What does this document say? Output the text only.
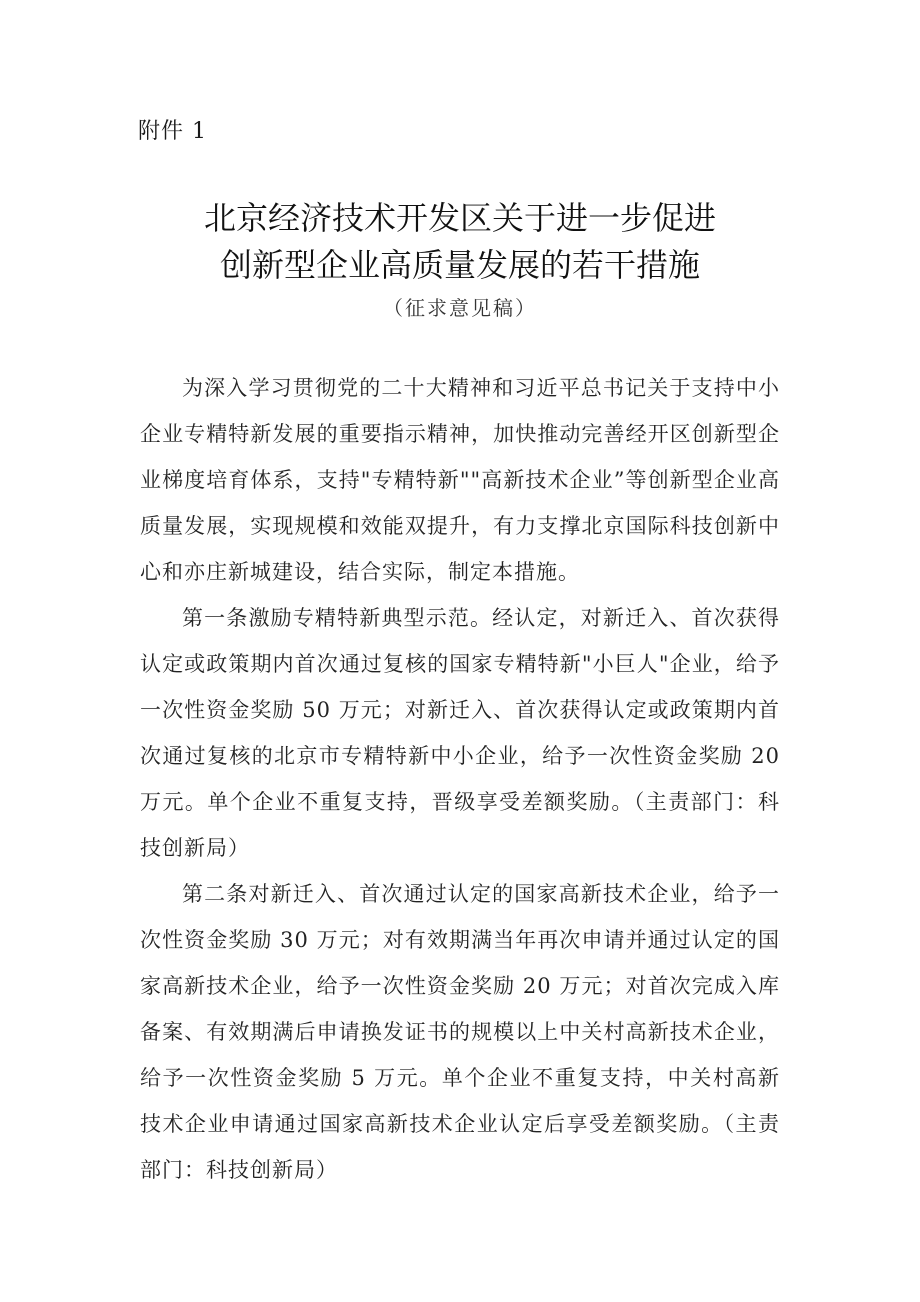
附件 1
北京经济技术开发区关于进一步促进
创新型企业高质量发展的若干措施
（征求意见稿）

为深入学习贯彻党的二十大精神和习近平总书记关于支持中小企业专精特新发展的重要指示精神，加快推动完善经开区创新型企业梯度培育体系，支持"专精特新""高新技术企业”等创新型企业高质量发展，实现规模和效能双提升，有力支撑北京国际科技创新中心和亦庄新城建设，结合实际，制定本措施。

第一条激励专精特新典型示范。经认定，对新迁入、首次获得认定或政策期内首次通过复核的国家专精特新"小巨人"企业，给予一次性资金奖励 50 万元；对新迁入、首次获得认定或政策期内首次通过复核的北京市专精特新中小企业，给予一次性资金奖励 20 万元。单个企业不重复支持，晋级享受差额奖励。（主责部门：科技创新局）

第二条对新迁入、首次通过认定的国家高新技术企业，给予一次性资金奖励 30 万元；对有效期满当年再次申请并通过认定的国家高新技术企业，给予一次性资金奖励 20 万元；对首次完成入库备案、有效期满后申请换发证书的规模以上中关村高新技术企业，给予一次性资金奖励 5 万元。单个企业不重复支持，中关村高新技术企业申请通过国家高新技术企业认定后享受差额奖励。（主责部门：科技创新局）
